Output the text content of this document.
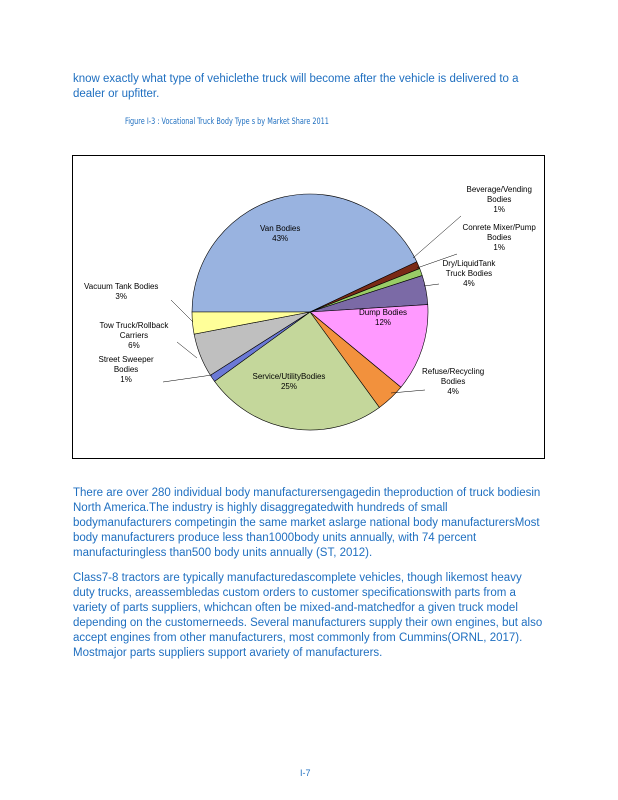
know exactly what type of vehiclethe truck will become after the vehicle is delivered to a dealer or upfitter.
Figure I-3 : Vocational Truck Body Type s by Market Share 2011
Van Bodies
43%
Beverage/Vending
Bodies
1%
Conrete Mixer/Pump
Bodies
1%
Dry/LiquidTank
Truck Bodies
4%
Dump Bodies
12%
Refuse/Recycling
Bodies
4%
Service/UtilityBodies
25%
Street Sweeper
Bodies
1%
Tow Truck/Rollback
Carriers
6%
Vacuum Tank Bodies
3%

There are over 280 individual body manufacturersengagedin theproduction of truck bodiesin North America.The industry is highly disaggregatedwith hundreds of small bodymanufacturers competingin the same market aslarge national body manufacturersMost body manufacturers produce less than1000body units annually, with 74 percent manufacturingless than500 body units annually (ST, 2012).

Class7-8 tractors are typically manufacturedascomplete vehicles, though likemost heavy duty trucks, areassembledas custom orders to customer specificationswith parts from a variety of parts suppliers, whichcan often be mixed-and-matchedfor a given truck model depending on the customerneeds. Several manufacturers supply their own engines, but also accept engines from other manufacturers, most commonly from Cummins(ORNL, 2017). Mostmajor parts suppliers support avariety of manufacturers.

I-7
